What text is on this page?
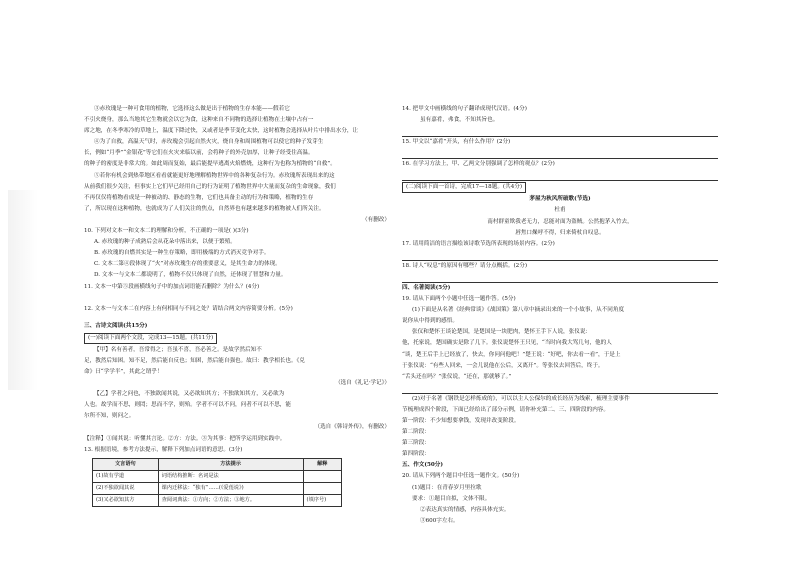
③赤玫瑰是一种可食用的植物，它选择这么做是出于植物的生存本能——假若它
不引火烧身，那么当地其它生物就会以它为食，这种来自不同物的选择让植物在土壤中占有一
席之地，在冬季寒冷的草地上，温度下降过快，又或者是季节变化太快，这时植物会选择从叶片中排出水分，让
④为了自救，高温天气时，赤玫瑰会引起自然火灾，烧自身和周围植物可以使它的种子发芽生
长，例如“月季”“金银花”等它们在火灾来临以前，会将种子的外壳加厚，让种子经受住高温。
的种子的密度是非常大的。如此周而复始，最后能提早逃离火焰燃烧，这种行为也称为植物的“自救”。
⑤若你有机会到热带地区看看就能更好地理解植物世界中的各种复杂行为。赤玫瑰所表现出来的这
从前我们很少关注，但事实上它们早已经用自己的行为证明了植物世界中大量而复杂的生命现象，我们
不再仅仅将植物看成是一种被动的、静态的生物，它们也具备主动的行为和策略，植物的生存
了，所以现在这种植物，也就成为了人们关注的焦点，自然界也有越来越多的植物被人们所关注。
（有删改）
10. 下列对文本一和文本二的理解和分析，不正确的一项是( )(3分)
A. 赤玫瑰的种子成熟后会从花朵中落出来，以便于繁殖。
B. 赤玫瑰的自燃其实是一种生存策略，即用极端的方式消灭竞争对手。
C. 文本二第④段体现了“火”对赤玫瑰生存的重要意义，是其生命力的体现。
D. 文本一与文本二都说明了，植物不仅只体现了自然，还体现了智慧和力量。
11. 文本一中第⑤段画横线句子中的加点词语能否删除？为什么？(4分)
12. 文本一与文本二在内容上有何相同与不同之处？请结合两文内容简要分析。(5分)
三、古诗文阅读(共15分)
(一)阅读下面两个文段，完成13—15题。(共11分)
【甲】名有善者，吾常得之；吾虽不喜，吾必善之。是故学然后知不
足，教然后知困。知不足，然后能自反也；知困，然后能自强也。故曰：教学相长也。《兑
命》曰“学学半”，其此之谓乎！
（选自《礼记·学记》）
【乙】学者之问也，不独欲闻其说，又必欲知其方；不独欲知其方，又必欲为
人也。故学而不思，则罔；思而不学，则殆。学者不可以不问，问者不可以不思，能
尔所不知，则问之。
（选自《韩诗外传》，有删改）
【注释】①闻其说：听懂其言论。②方：方法。③为其事：把所学运用到实践中。
13. 根据语境，参考方法提示，解释下列加点词语的意思。(3分)
文言语句	方法提示	解释
(1)故有学道	词语结构推断：名词是法	
(2)不独欲闻其说	课内迁移法：“独有”……(《爱莲说》)	
(3)又必欲知其方	查阅词典法：①方向；②方法；③地方。	(填序号)
14. 把甲文中画横线的句子翻译成现代汉语。(4分)
虽有嘉肴，弗食，不知其旨也。
15. 甲文以“嘉肴”开头，有什么作用？(2分)
16. 在学习方法上，甲、乙两文分别强调了怎样的观点？(2分)
(二)阅读下面一首诗，完成17—18题。(共4分)
茅屋为秋风所破歌(节选)
杜甫
南村群童欺我老无力，忍能对面为盗贼。公然抱茅入竹去，
唇焦口燥呼不得，归来倚杖自叹息。
17. 请用简洁的语言描绘该诗歌节选所表现的场景内容。(2分)
18. 诗人“叹息”的原因有哪些？请分点概括。(2分)
四、名著阅读(5分)
19. 请从下面两个小题中任选一题作答。(5分)
(1)下面是从名著《经典常谈》《战国策》第八章中摘录出来的一个小故事，从不同角度
说你从中得到的感悟。
张仪和楚怀王谈论楚国，是楚国是一块肥肉，楚怀王手下人说，张仪说：
他，托家说，楚国确实是除了几下。张仪说楚怀王只见，“当时向我大骂几句，他的人
“谈，楚王后手上已经放了，快去，你问问他吧！”楚王说：“好吧，你去看一看”，于是上
于张仪说：“有些人回来，一会儿说他在公后，又离开”。等张仪去回答后，终于。
“舌头还在吗？”张仪说，“还在，那就够了。”
(2)对于名著《钢铁是怎样炼成的》，可以以主人公保尔的成长经历为线索，梳理主要事件
节梳理成四个阶段，下面已经给出了部分示例，请你补充第二、三、四阶段的内容。
第一阶段：不少知想要拿钱，发现并改变阶段。
第二阶段：
第三阶段：
第四阶段：
五、作文(50分)
20. 请从下列两个题目中任选一题作文。(50分)
(1)题目：在青春岁月里拉歌
要求：①题目自拟，文体不限。
②表达真实的情感，内容具体充实。
③600字左右。
